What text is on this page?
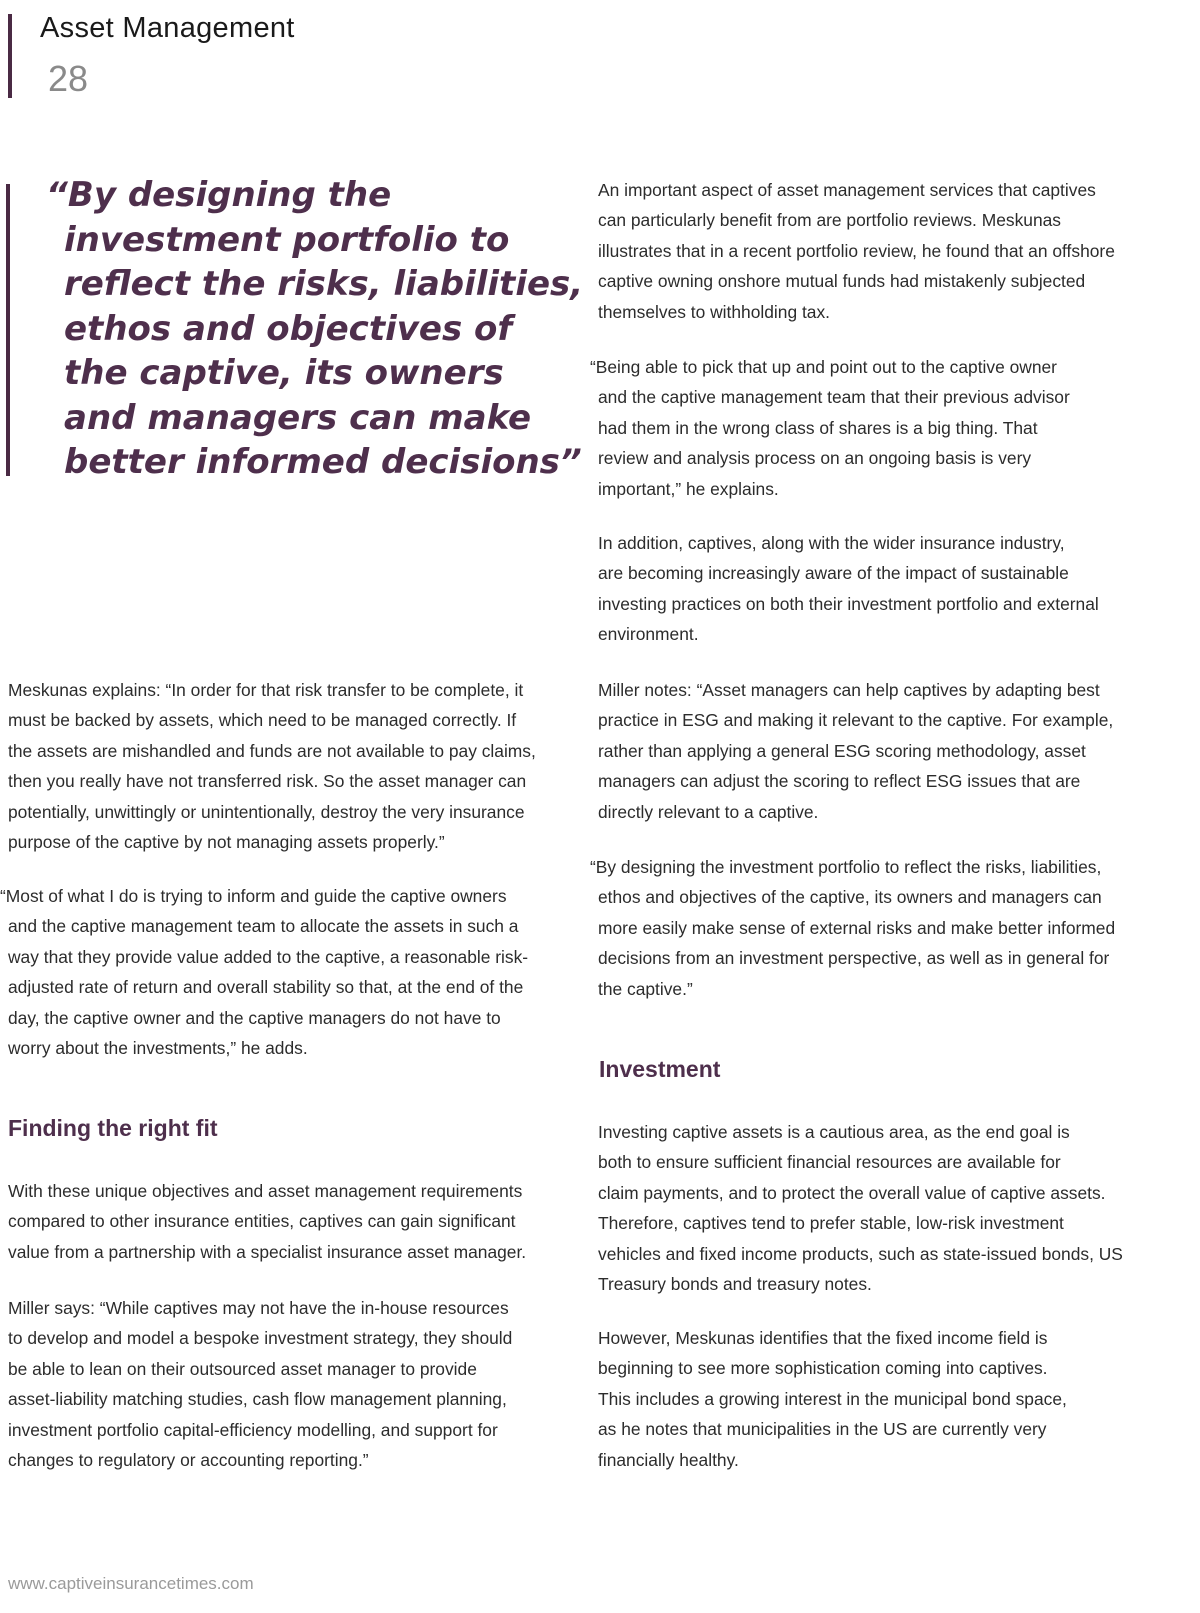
Asset Management
28
“By designing the
investment portfolio to
reflect the risks, liabilities,
ethos and objectives of
the captive, its owners
and managers can make
better informed decisions”

An important aspect of asset management services that captives
can particularly benefit from are portfolio reviews. Meskunas
illustrates that in a recent portfolio review, he found that an offshore
captive owning onshore mutual funds had mistakenly subjected
themselves to withholding tax.

“Being able to pick that up and point out to the captive owner
and the captive management team that their previous advisor
had them in the wrong class of shares is a big thing. That
review and analysis process on an ongoing basis is very
important,” he explains.

In addition, captives, along with the wider insurance industry,
are becoming increasingly aware of the impact of sustainable
investing practices on both their investment portfolio and external
environment.

Miller notes: “Asset managers can help captives by adapting best
practice in ESG and making it relevant to the captive. For example,
rather than applying a general ESG scoring methodology, asset
managers can adjust the scoring to reflect ESG issues that are
directly relevant to a captive.

“By designing the investment portfolio to reflect the risks, liabilities,
ethos and objectives of the captive, its owners and managers can
more easily make sense of external risks and make better informed
decisions from an investment perspective, as well as in general for
the captive.”

Investment

Investing captive assets is a cautious area, as the end goal is
both to ensure sufficient financial resources are available for
claim payments, and to protect the overall value of captive assets.
Therefore, captives tend to prefer stable, low-risk investment
vehicles and fixed income products, such as state-issued bonds, US
Treasury bonds and treasury notes.

However, Meskunas identifies that the fixed income field is
beginning to see more sophistication coming into captives.
This includes a growing interest in the municipal bond space,
as he notes that municipalities in the US are currently very
financially healthy.

Meskunas explains: “In order for that risk transfer to be complete, it
must be backed by assets, which need to be managed correctly. If
the assets are mishandled and funds are not available to pay claims,
then you really have not transferred risk. So the asset manager can
potentially, unwittingly or unintentionally, destroy the very insurance
purpose of the captive by not managing assets properly.”

“Most of what I do is trying to inform and guide the captive owners
and the captive management team to allocate the assets in such a
way that they provide value added to the captive, a reasonable risk-
adjusted rate of return and overall stability so that, at the end of the
day, the captive owner and the captive managers do not have to
worry about the investments,” he adds.

Finding the right fit

With these unique objectives and asset management requirements
compared to other insurance entities, captives can gain significant
value from a partnership with a specialist insurance asset manager.

Miller says: “While captives may not have the in-house resources
to develop and model a bespoke investment strategy, they should
be able to lean on their outsourced asset manager to provide
asset-liability matching studies, cash flow management planning,
investment portfolio capital-efficiency modelling, and support for
changes to regulatory or accounting reporting.”

www.captiveinsurancetimes.com
